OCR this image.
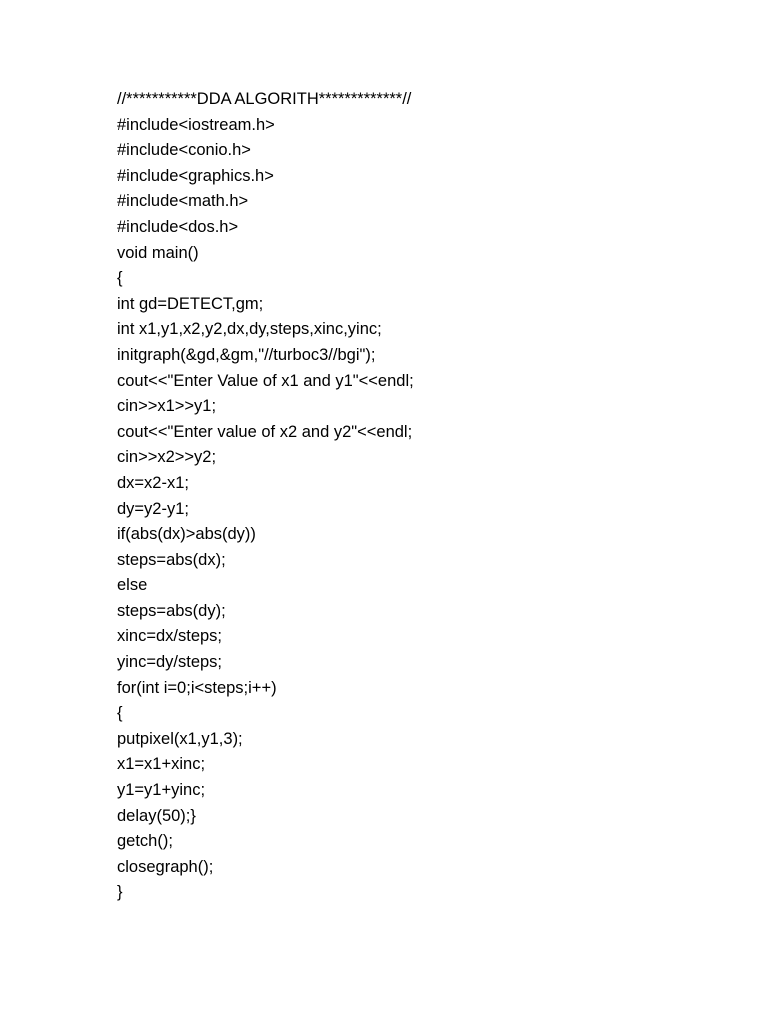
//***********DDA ALGORITH*************//
#include<iostream.h>
#include<conio.h>
#include<graphics.h>
#include<math.h>
#include<dos.h>
void main()
{
int gd=DETECT,gm;
int x1,y1,x2,y2,dx,dy,steps,xinc,yinc;
initgraph(&gd,&gm,"//turboc3//bgi");
cout<<"Enter Value of x1 and y1"<<endl;
cin>>x1>>y1;
cout<<"Enter value of x2 and y2"<<endl;
cin>>x2>>y2;
dx=x2-x1;
dy=y2-y1;
if(abs(dx)>abs(dy))
steps=abs(dx);
else
steps=abs(dy);
xinc=dx/steps;
yinc=dy/steps;
for(int i=0;i<steps;i++)
{
putpixel(x1,y1,3);
x1=x1+xinc;
y1=y1+yinc;
delay(50);}
getch();
closegraph();
}
